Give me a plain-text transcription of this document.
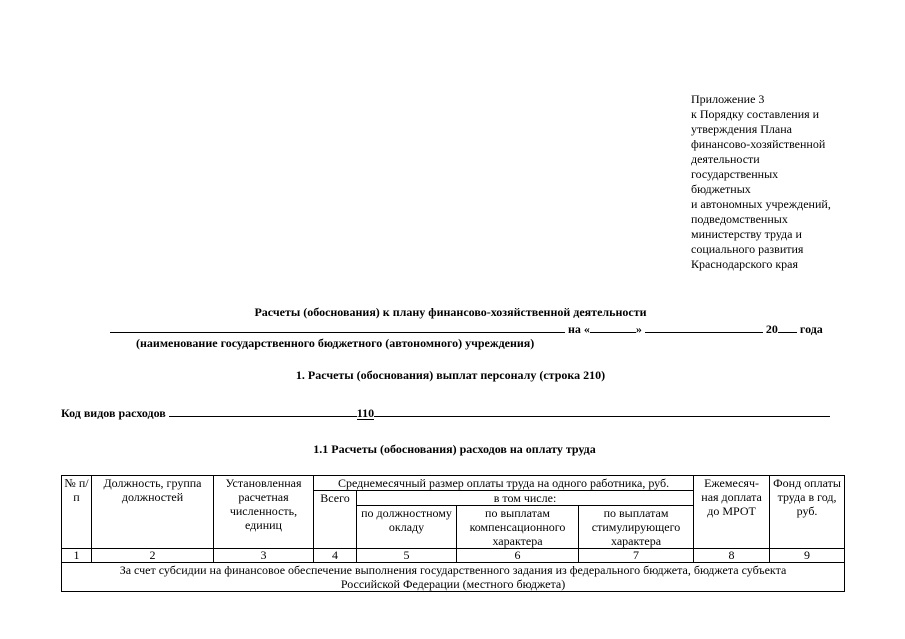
Приложение 3
к Порядку составления и
утверждения Плана
финансово-хозяйственной
деятельности
государственных
бюджетных
и автономных учреждений,
подведомственных
министерству труда и
социального развития
Краснодарского края
Расчеты (обоснования) к плану финансово-хозяйственной деятельности
на «	»	20 года
(наименование государственного бюджетного (автономного) учреждения)
1. Расчеты (обоснования) выплат персоналу (строка 210)
Код видов расходов	110
1.1 Расчеты (обоснования) расходов на оплату труда
№ п/п	Должность, группа должностей	Установленная расчетная численность, единиц	Среднемесячный размер оплаты труда на одного работника, руб.				Ежемесяч-ная доплата до МРОТ	Фонд оплаты труда в год, руб.
			Всего	в том числе:				
				по должностному окладу	по выплатам компенсационного характера	по выплатам стимулирующего характера		
1	2	3	4	5	6	7	8	9
За счет субсидии на финансовое обеспечение выполнения государственного задания из федерального бюджета, бюджета субъекта Российской Федерации (местного бюджета)								
